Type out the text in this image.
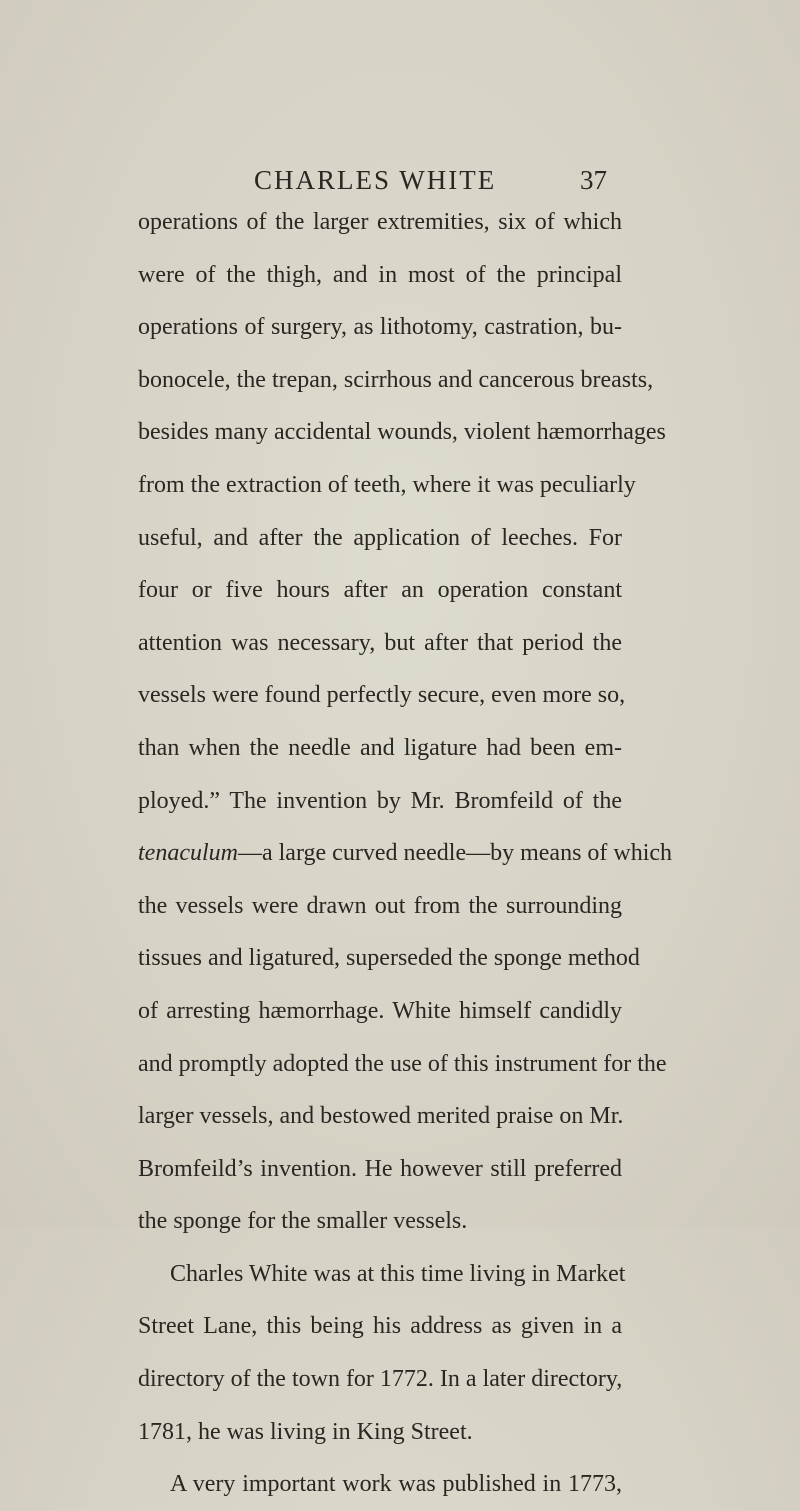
CHARLES WHITE	37
operations of the larger extremities, six of which
were of the thigh, and in most of the principal
operations of surgery, as lithotomy, castration, bu-
bonocele, the trepan, scirrhous and cancerous breasts,
besides many accidental wounds, violent hæmorrhages
from the extraction of teeth, where it was peculiarly
useful, and after the application of leeches. For
four or five hours after an operation constant
attention was necessary, but after that period the
vessels were found perfectly secure, even more so,
than when the needle and ligature had been em-
ployed.” The invention by Mr. Bromfeild of the
tenaculum—a large curved needle—by means of which
the vessels were drawn out from the surrounding
tissues and ligatured, superseded the sponge method
of arresting hæmorrhage. White himself candidly
and promptly adopted the use of this instrument for the
larger vessels, and bestowed merited praise on Mr.
Bromfeild’s invention. He however still preferred
the sponge for the smaller vessels.
Charles White was at this time living in Market
Street Lane, this being his address as given in a
directory of the town for 1772. In a later directory,
1781, he was living in King Street.
A very important work was published in 1773,
